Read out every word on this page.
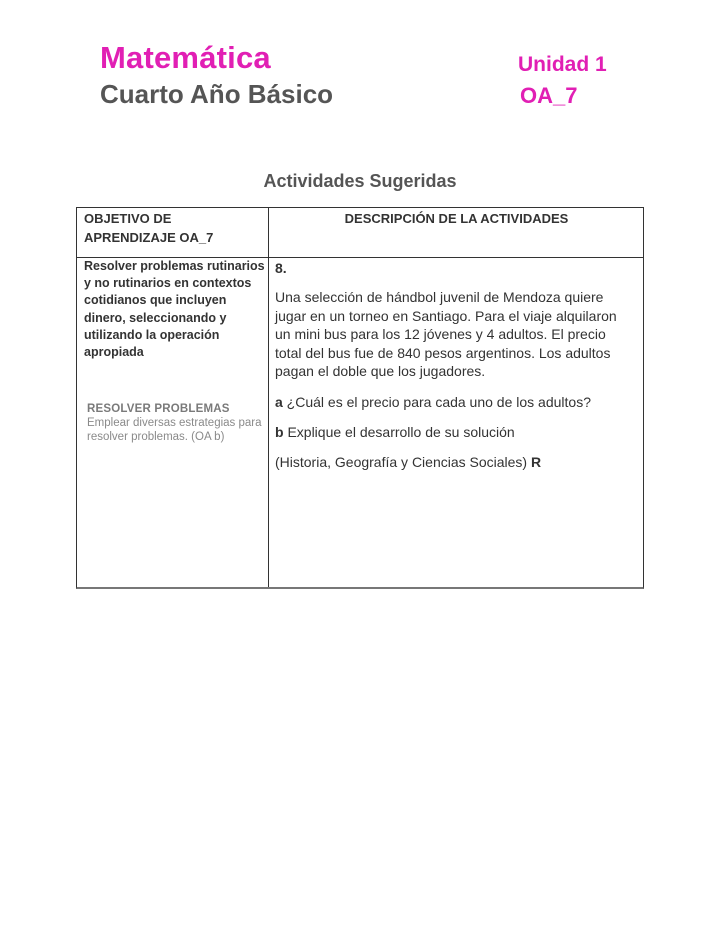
Matemática
Cuarto Año Básico
Unidad 1
OA_7
Actividades Sugeridas
OBJETIVO DE APRENDIZAJE OA_7
DESCRIPCIÓN DE LA ACTIVIDADES
Resolver problemas rutinarios y no rutinarios en contextos cotidianos que incluyen dinero, seleccionando y utilizando la operación apropiada
RESOLVER PROBLEMAS
Emplear diversas estrategias para resolver problemas. (OA b)
8.
Una selección de hándbol juvenil de Mendoza quiere jugar en un torneo en Santiago. Para el viaje alquilaron un mini bus para los 12 jóvenes y 4 adultos. El precio total del bus fue de 840 pesos argentinos. Los adultos pagan el doble que los jugadores.
a ¿Cuál es el precio para cada uno de los adultos?
b Explique el desarrollo de su solución
(Historia, Geografía y Ciencias Sociales) R
